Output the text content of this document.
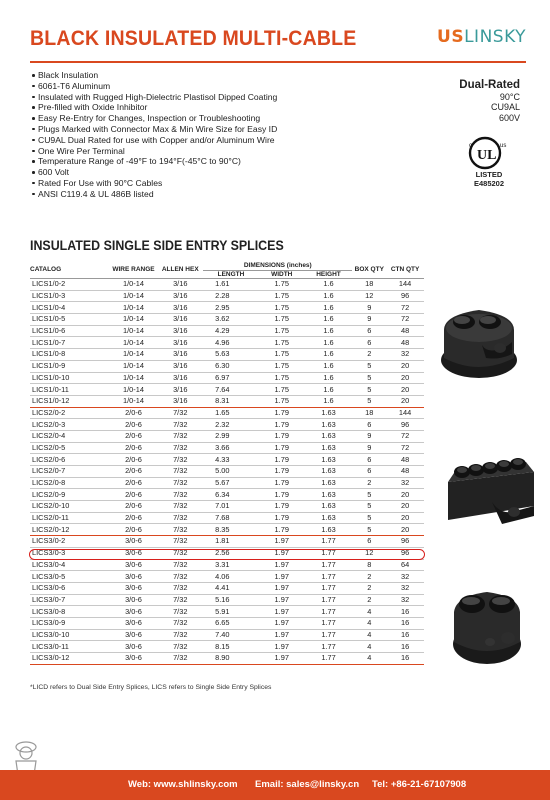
BLACK INSULATED MULTI-CABLE	USLINSKY
Black Insulation
6061-T6 Aluminum
Insulated with Rugged High-Dielectric Plastisol Dipped Coating
Pre-filled with Oxide Inhibitor
Easy Re-Entry for Changes, Inspection or Troubleshooting
Plugs Marked with Connector Max & Min Wire Size for Easy ID
CU9AL Dual Rated for use with Copper and/or Aluminum Wire
One Wire Per Terminal
Temperature Range of -49°F to 194°F(-45°C to 90°C)
600 Volt
Rated For Use with 90°C Cables
ANSI C119.4 & UL 486B listed
Dual-Rated
90°C
CU9AL
600V
c
UL
us
LISTED
E485202
INSULATED SINGLE SIDE ENTRY SPLICES
CATALOG	WIRE RANGE	ALLEN HEX	DIMENSIONS (inches)			BOX QTY	CTN QTY
			LENGTH	WIDTH	HEIGHT		
LICS1/0-2	1/0-14	3/16	1.61	1.75	1.6	18	144
LICS1/0-3	1/0-14	3/16	2.28	1.75	1.6	12	96
LICS1/0-4	1/0-14	3/16	2.95	1.75	1.6	9	72
LICS1/0-5	1/0-14	3/16	3.62	1.75	1.6	9	72
LICS1/0-6	1/0-14	3/16	4.29	1.75	1.6	6	48
LICS1/0-7	1/0-14	3/16	4.96	1.75	1.6	6	48
LICS1/0-8	1/0-14	3/16	5.63	1.75	1.6	2	32
LICS1/0-9	1/0-14	3/16	6.30	1.75	1.6	5	20
LICS1/0-10	1/0-14	3/16	6.97	1.75	1.6	5	20
LICS1/0-11	1/0-14	3/16	7.64	1.75	1.6	5	20
LICS1/0-12	1/0-14	3/16	8.31	1.75	1.6	5	20
LICS2/0-2	2/0-6	7/32	1.65	1.79	1.63	18	144
LICS2/0-3	2/0-6	7/32	2.32	1.79	1.63	6	96
LICS2/0-4	2/0-6	7/32	2.99	1.79	1.63	9	72
LICS2/0-5	2/0-6	7/32	3.66	1.79	1.63	9	72
LICS2/0-6	2/0-6	7/32	4.33	1.79	1.63	6	48
LICS2/0-7	2/0-6	7/32	5.00	1.79	1.63	6	48
LICS2/0-8	2/0-6	7/32	5.67	1.79	1.63	2	32
LICS2/0-9	2/0-6	7/32	6.34	1.79	1.63	5	20
LICS2/0-10	2/0-6	7/32	7.01	1.79	1.63	5	20
LICS2/0-11	2/0-6	7/32	7.68	1.79	1.63	5	20
LICS2/0-12	2/0-6	7/32	8.35	1.79	1.63	5	20
LICS3/0-2	3/0-6	7/32	1.81	1.97	1.77	6	96
LICS3/0-3	3/0-6	7/32	2.56	1.97	1.77	12	96
LICS3/0-4	3/0-6	7/32	3.31	1.97	1.77	8	64
LICS3/0-5	3/0-6	7/32	4.06	1.97	1.77	2	32
LICS3/0-6	3/0-6	7/32	4.41	1.97	1.77	2	32
LICS3/0-7	3/0-6	7/32	5.16	1.97	1.77	2	32
LICS3/0-8	3/0-6	7/32	5.91	1.97	1.77	4	16
LICS3/0-9	3/0-6	7/32	6.65	1.97	1.77	4	16
LICS3/0-10	3/0-6	7/32	7.40	1.97	1.77	4	16
LICS3/0-11	3/0-6	7/32	8.15	1.97	1.77	4	16
LICS3/0-12	3/0-6	7/32	8.90	1.97	1.77	4	16
*LICD refers to Dual Side Entry Splices, LICS refers to Single Side Entry Splices
Web: www.shlinsky.com Email: sales@linsky.cn Tel: +86-21-67107908
